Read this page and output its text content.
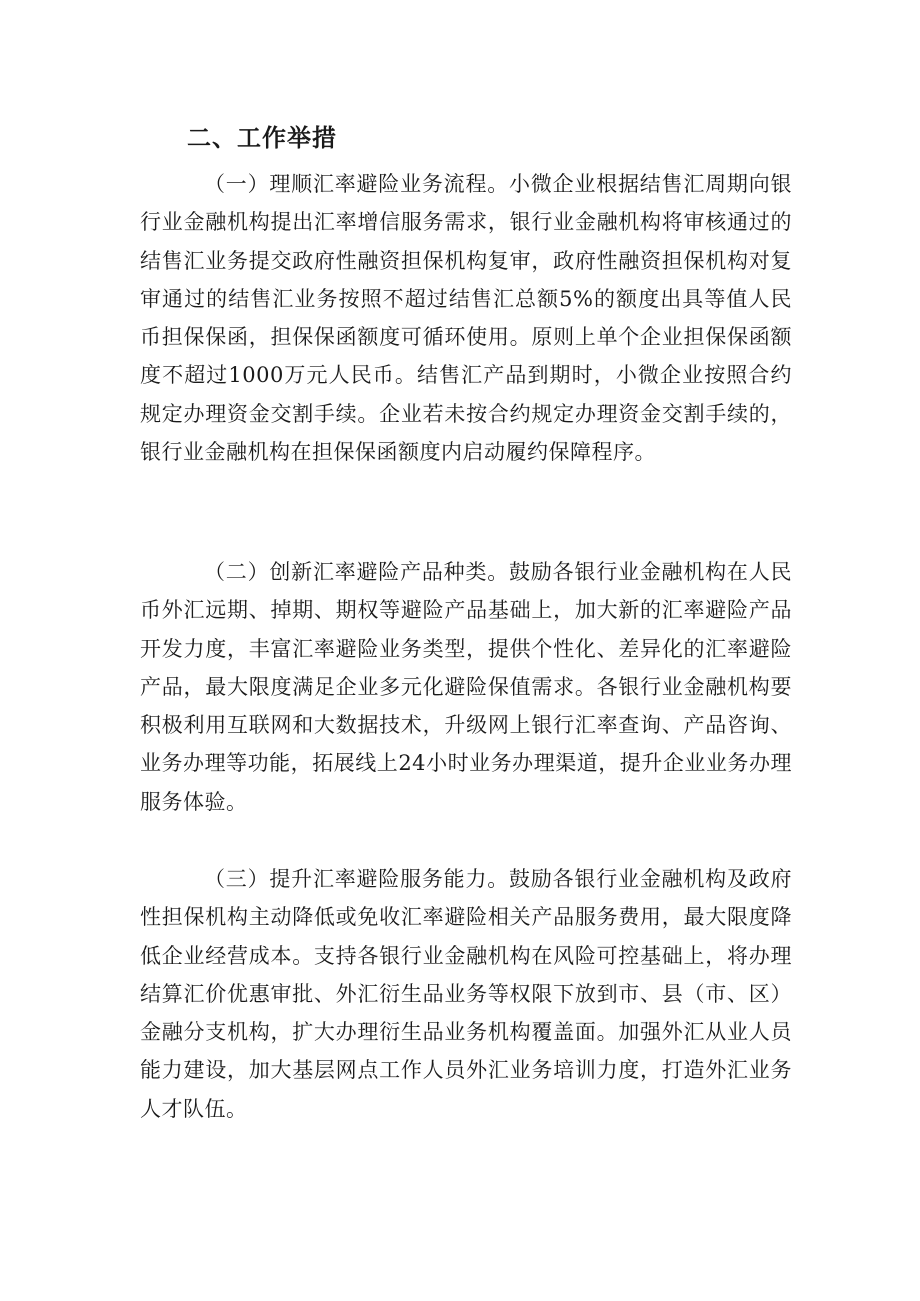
二、工作举措

（一）理顺汇率避险业务流程。小微企业根据结售汇周期向银行业金融机构提出汇率增信服务需求，银行业金融机构将审核通过的结售汇业务提交政府性融资担保机构复审，政府性融资担保机构对复审通过的结售汇业务按照不超过结售汇总额5%的额度出具等值人民币担保保函，担保保函额度可循环使用。原则上单个企业担保保函额度不超过1000万元人民币。结售汇产品到期时，小微企业按照合约规定办理资金交割手续。企业若未按合约规定办理资金交割手续的，银行业金融机构在担保保函额度内启动履约保障程序。

（二）创新汇率避险产品种类。鼓励各银行业金融机构在人民币外汇远期、掉期、期权等避险产品基础上，加大新的汇率避险产品开发力度，丰富汇率避险业务类型，提供个性化、差异化的汇率避险产品，最大限度满足企业多元化避险保值需求。各银行业金融机构要积极利用互联网和大数据技术，升级网上银行汇率查询、产品咨询、业务办理等功能，拓展线上24小时业务办理渠道，提升企业业务办理服务体验。

（三）提升汇率避险服务能力。鼓励各银行业金融机构及政府性担保机构主动降低或免收汇率避险相关产品服务费用，最大限度降低企业经营成本。支持各银行业金融机构在风险可控基础上，将办理结算汇价优惠审批、外汇衍生品业务等权限下放到市、县（市、区）金融分支机构，扩大办理衍生品业务机构覆盖面。加强外汇从业人员能力建设，加大基层网点工作人员外汇业务培训力度，打造外汇业务人才队伍。
